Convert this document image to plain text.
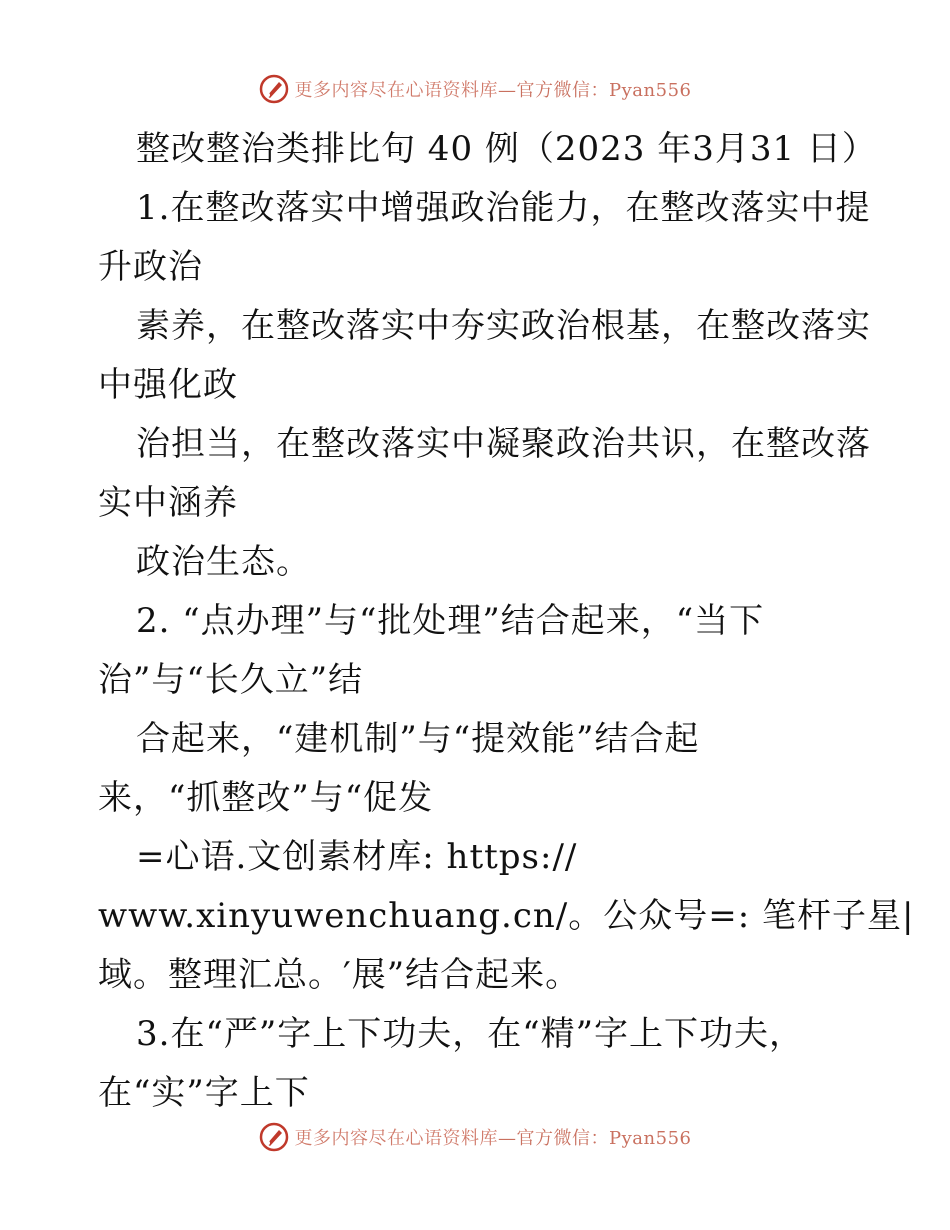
更多内容尽在心语资料库 —官方微信：Pyan556
整改整治类排比句 40 例（2023 年3月31 日）
1.在整改落实中增强政治能力，在整改落实中提
升政治
素养，在整改落实中夯实政治根基，在整改落实
中强化政
治担当，在整改落实中凝聚政治共识，在整改落
实中涵养
政治生态。
2. “点办理”与“批处理”结合起来，“当下
治”与“长久立”结
合起来，“建机制”与“提效能”结合起
来，“抓整改”与“促发
=心语.文创素材库: https://
www.xinyuwenchuang.cn/。公众号=: 笔杆子星|
域。整理汇总。′展”结合起来。
3.在“严”字上下功夫，在“精”字上下功夫，
在“实”字上下
更多内容尽在心语资料库 —官方微信：Pyan556
